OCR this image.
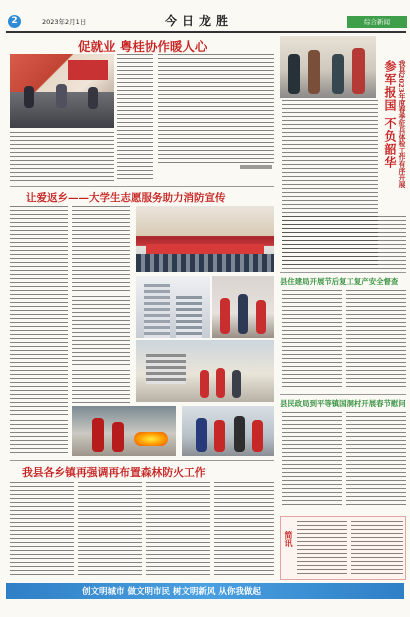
2	2023年2月1日	今日龙胜	综合新闻
促就业 粤桂协作暖人心
参军报国 不负韶华 我县2023年度春季征兵体检工作有序开展
让爱返乡——大学生志愿服务助力消防宣传
县住建局开展节后复工复产安全督查
县民政局到平等镇国洞村开展春节慰问
我县各乡镇再强调再布置森林防火工作
简讯
创文明城市 做文明市民 树文明新风 从你我做起
